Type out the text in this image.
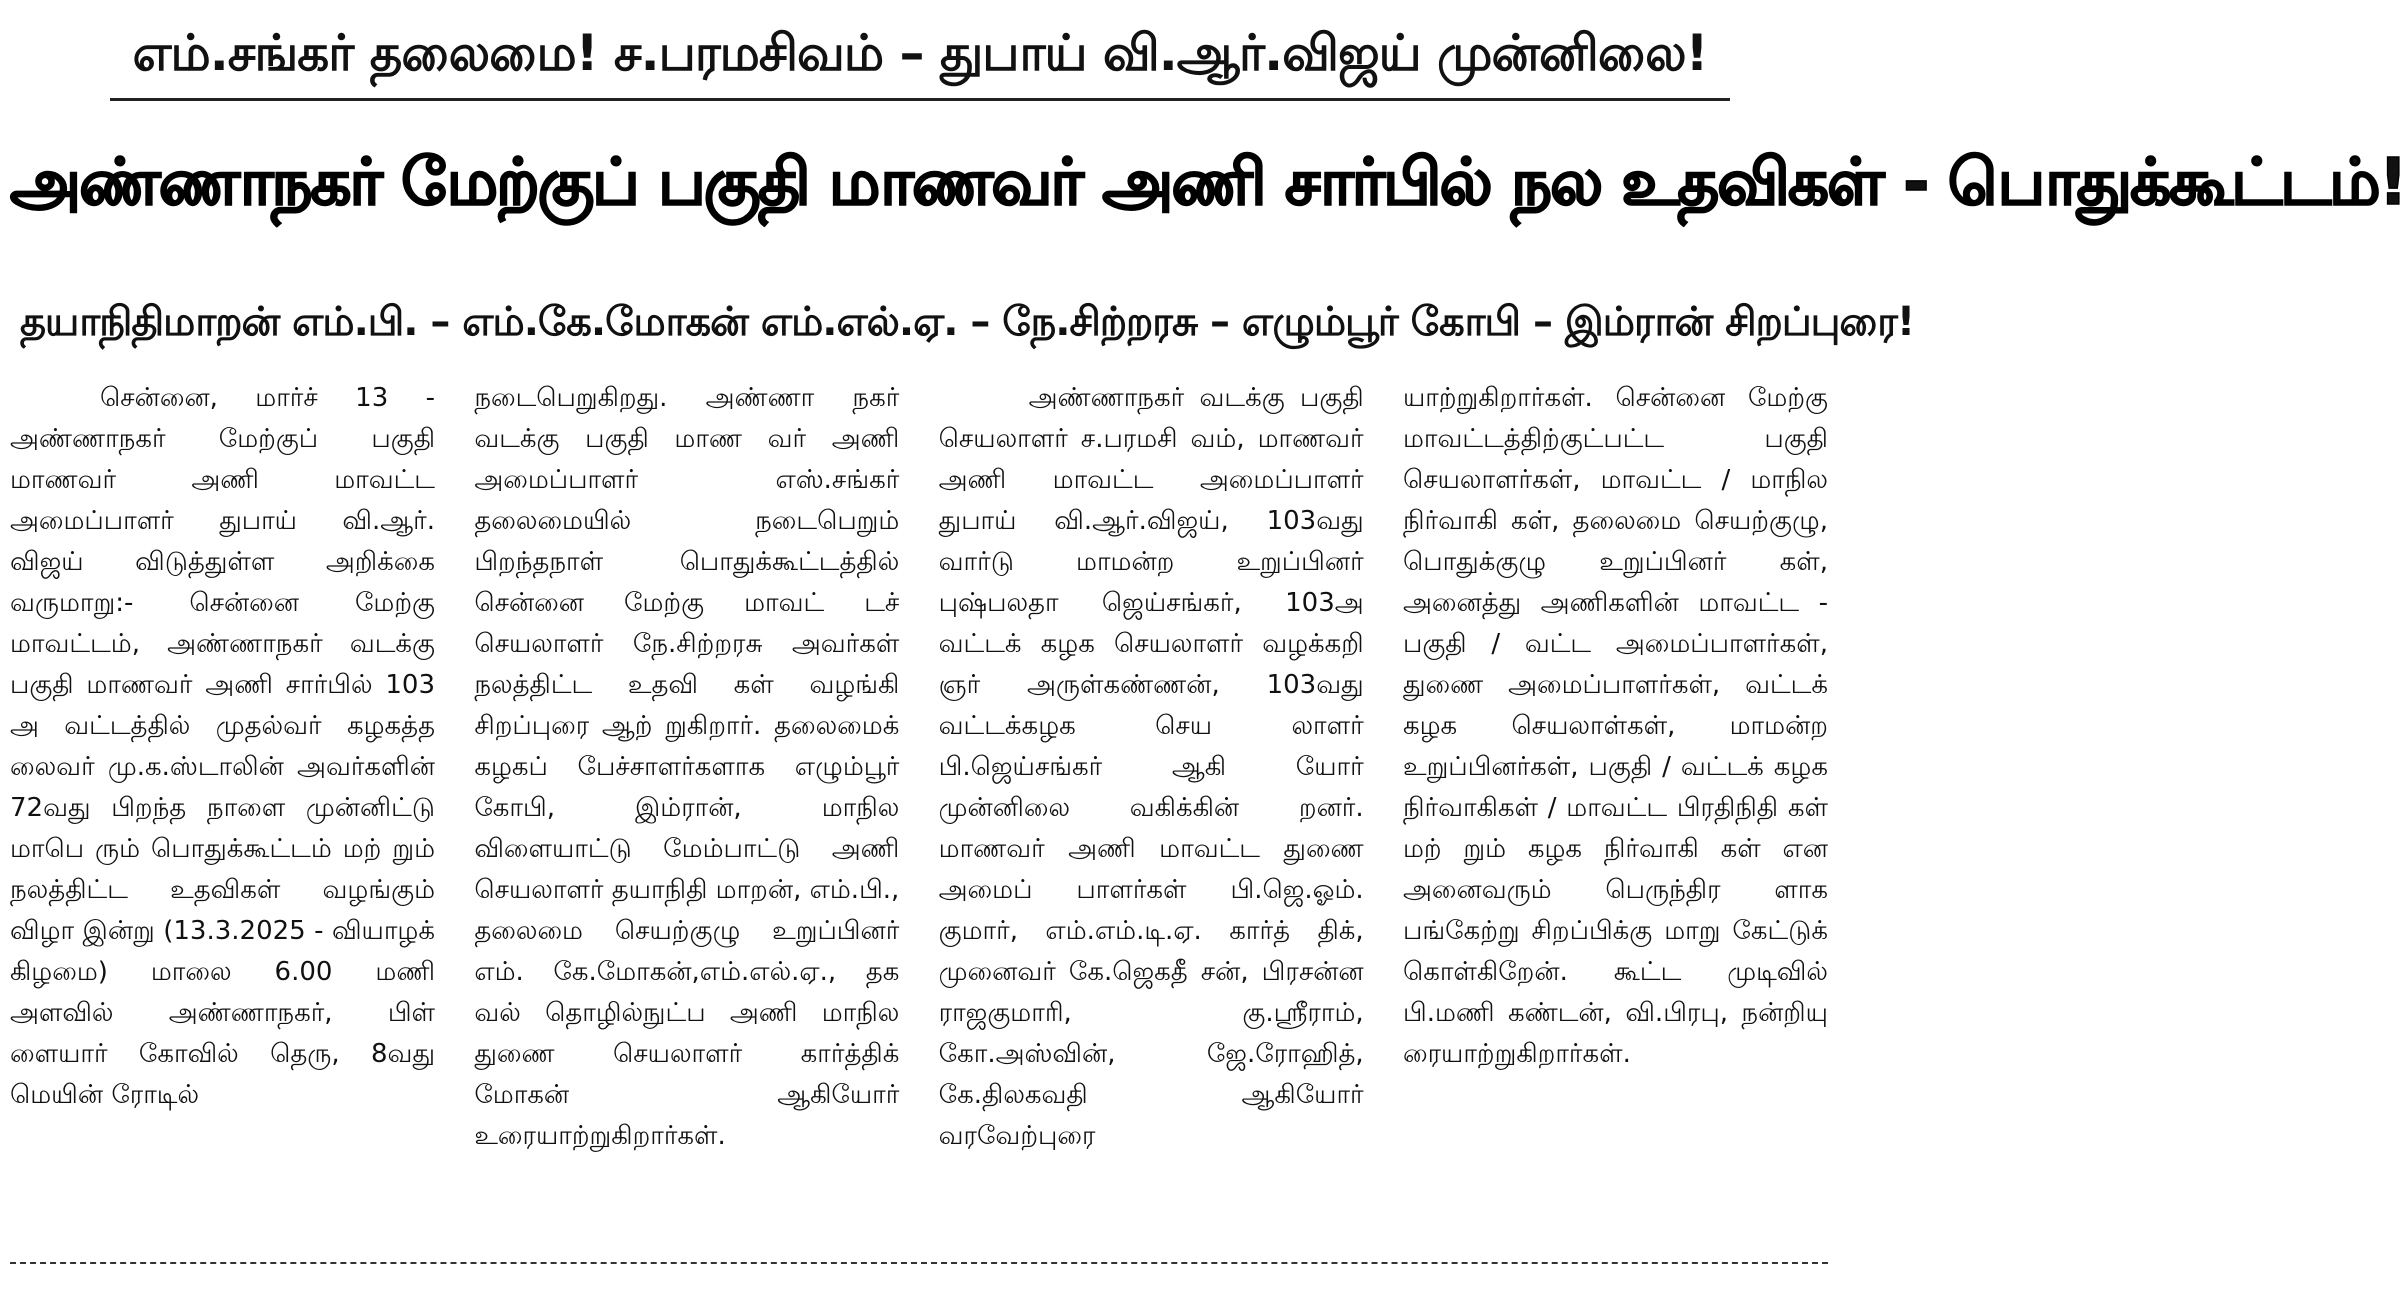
எம்.சங்கர் தலைமை! ச.பரமசிவம் – துபாய் வி.ஆர்.விஜய் முன்னிலை!
அண்ணாநகர் மேற்குப் பகுதி மாணவர் அணி சார்பில் நல உதவிகள் - பொதுக்கூட்டம்!
தயாநிதிமாறன் எம்.பி. – எம்.கே.மோகன் எம்.எல்.ஏ. – நே.சிற்றரசு – எழும்பூர் கோபி – இம்ரான் சிறப்புரை!
சென்னை, மார்ச் 13 - அண்ணாநகர் மேற்குப் பகுதி மாணவர் அணி மாவட்ட அமைப்பாளர் துபாய் வி.ஆர். விஜய் விடுத்துள்ள அறிக்கை வருமாறு:- சென்னை மேற்கு மாவட்டம், அண்ணாநகர் வடக்கு பகுதி மாணவர் அணி சார்பில் 103 அ வட்டத்தில் முதல்வர் கழகத்த லைவர் மு.க.ஸ்டாலின் அவர்களின் 72வது பிறந்த நாளை முன்னிட்டு மாபெ ரும் பொதுக்கூட்டம் மற் றும் நலத்திட்ட உதவிகள் வழங்கும் விழா இன்று (13.3.2025 - வியாழக் கிழமை) மாலை 6.00 மணி அளவில் அண்ணாநகர், பிள் ளையார் கோவில் தெரு, 8வது மெயின் ரோடில்
நடைபெறுகிறது. அண்ணா நகர் வடக்கு பகுதி மாண வர் அணி அமைப்பாளர் எஸ்.சங்கர் தலைமையில் நடைபெறும் பிறந்தநாள் பொதுக்கூட்டத்தில் சென்னை மேற்கு மாவட் டச் செயலாளர் நே.சிற்றரசு அவர்கள் நலத்திட்ட உதவி கள் வழங்கி சிறப்புரை ஆற் றுகிறார். தலைமைக் கழகப் பேச்சாளர்களாக எழும்பூர் கோபி, இம்ரான், மாநில விளையாட்டு மேம்பாட்டு அணி செயலாளர் தயாநிதி மாறன், எம்.பி., தலைமை செயற்குழு உறுப்பினர் எம். கே.மோகன்,எம்.எல்.ஏ., தக வல் தொழில்நுட்ப அணி மாநில துணை செயலாளர் கார்த்திக் மோகன் ஆகியோர் உரையாற்றுகிறார்கள்.
அண்ணாநகர் வடக்கு பகுதி செயலாளர் ச.பரமசி வம், மாணவர் அணி மாவட்ட அமைப்பாளர் துபாய் வி.ஆர்.விஜய், 103வது வார்டு மாமன்ற உறுப்பினர் புஷ்பலதா ஜெய்சங்கர், 103அ வட்டக் கழக செயலாளர் வழக்கறி ஞர் அருள்கண்ணன், 103வது வட்டக்கழக செய லாளர் பி.ஜெய்சங்கர் ஆகி யோர் முன்னிலை வகிக்கின் றனர். மாணவர் அணி மாவட்ட துணை அமைப் பாளர்கள் பி.ஜெ.ஓம். குமார், எம்.எம்.டி.ஏ. கார்த் திக், முனைவர் கே.ஜெகதீ சன், பிரசன்ன ராஜகுமாரி, கு.ஸ்ரீராம், கோ.அஸ்வின், ஜே.ரோஹித், கே.திலகவதி ஆகியோர் வரவேற்புரை
யாற்றுகிறார்கள். சென்னை மேற்கு மாவட்டத்திற்குட்பட்ட பகுதி செயலாளர்கள், மாவட்ட / மாநில நிர்வாகி கள், தலைமை செயற்குழு, பொதுக்குழு உறுப்பினர் கள், அனைத்து அணிகளின் மாவட்ட - பகுதி / வட்ட அமைப்பாளர்கள், துணை அமைப்பாளர்கள், வட்டக் கழக செயலாள்கள், மாமன்ற உறுப்பினர்கள், பகுதி / வட்டக் கழக நிர்வாகிகள் / மாவட்ட பிரதிநிதி கள் மற் றும் கழக நிர்வாகி கள் என அனைவரும் பெருந்திர ளாக பங்கேற்று சிறப்பிக்கு மாறு கேட்டுக் கொள்கிறேன். கூட்ட முடிவில் பி.மணி கண்டன், வி.பிரபு, நன்றியு ரையாற்றுகிறார்கள்.
